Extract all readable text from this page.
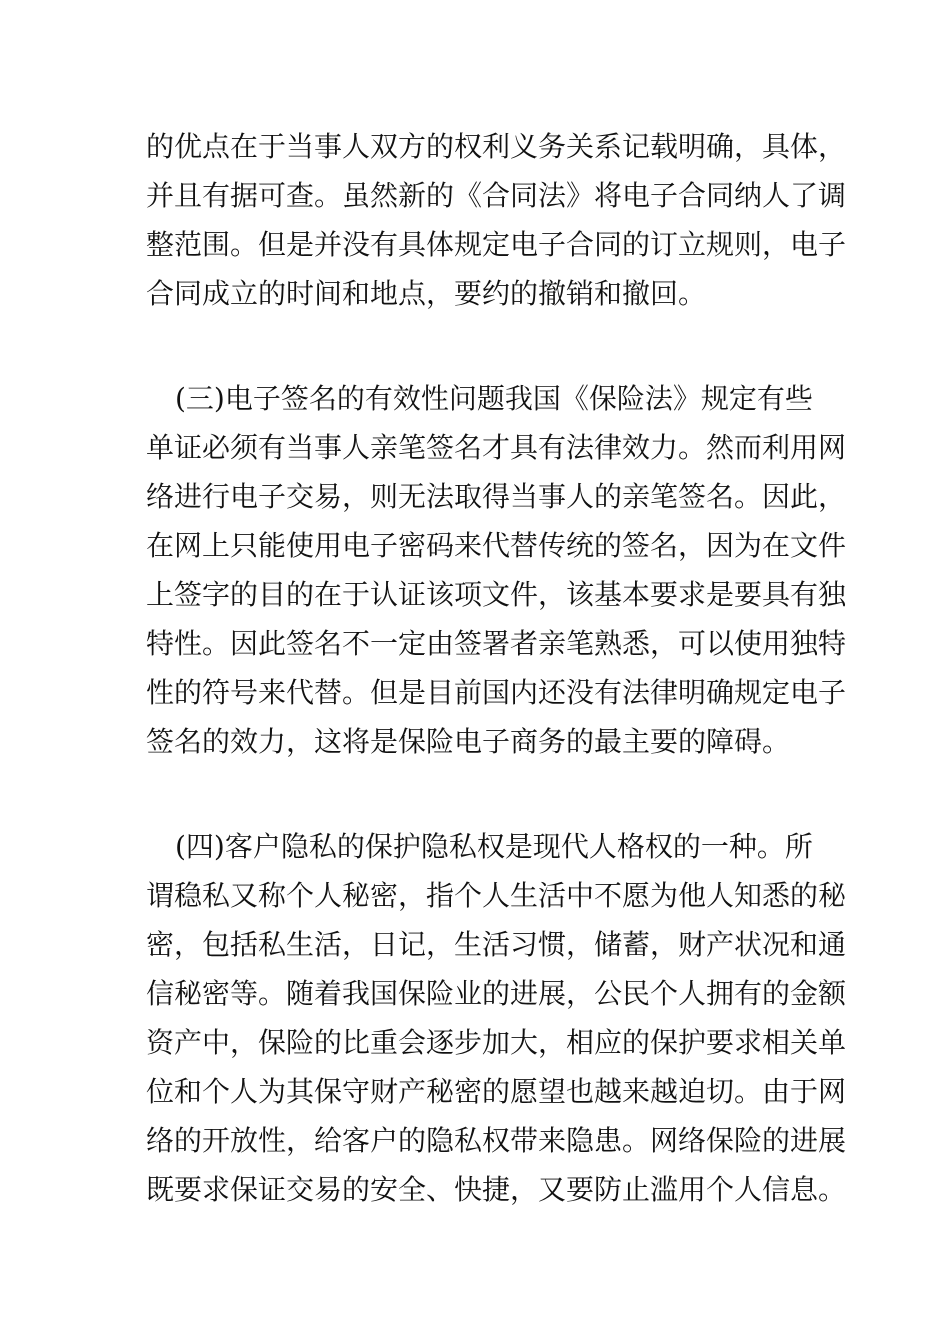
的优点在于当事人双方的权利义务关系记载明确，具体，
并且有据可查。虽然新的《合同法》将电子合同纳人了调
整范围。但是并没有具体规定电子合同的订立规则，电子
合同成立的时间和地点，要约的撤销和撤回。
(三)电子签名的有效性问题我国《保险法》规定有些
单证必须有当事人亲笔签名才具有法律效力。然而利用网
络进行电子交易，则无法取得当事人的亲笔签名。因此，
在网上只能使用电子密码来代替传统的签名，因为在文件
上签字的目的在于认证该项文件，该基本要求是要具有独
特性。因此签名不一定由签署者亲笔熟悉，可以使用独特
性的符号来代替。但是目前国内还没有法律明确规定电子
签名的效力，这将是保险电子商务的最主要的障碍。
(四)客户隐私的保护隐私权是现代人格权的一种。所
谓稳私又称个人秘密，指个人生活中不愿为他人知悉的秘
密，包括私生活，日记，生活习惯，储蓄，财产状况和通
信秘密等。随着我国保险业的进展，公民个人拥有的金额
资产中，保险的比重会逐步加大，相应的保护要求相关单
位和个人为其保守财产秘密的愿望也越来越迫切。由于网
络的开放性，给客户的隐私权带来隐患。网络保险的进展
既要求保证交易的安全、快捷，又要防止滥用个人信息。
